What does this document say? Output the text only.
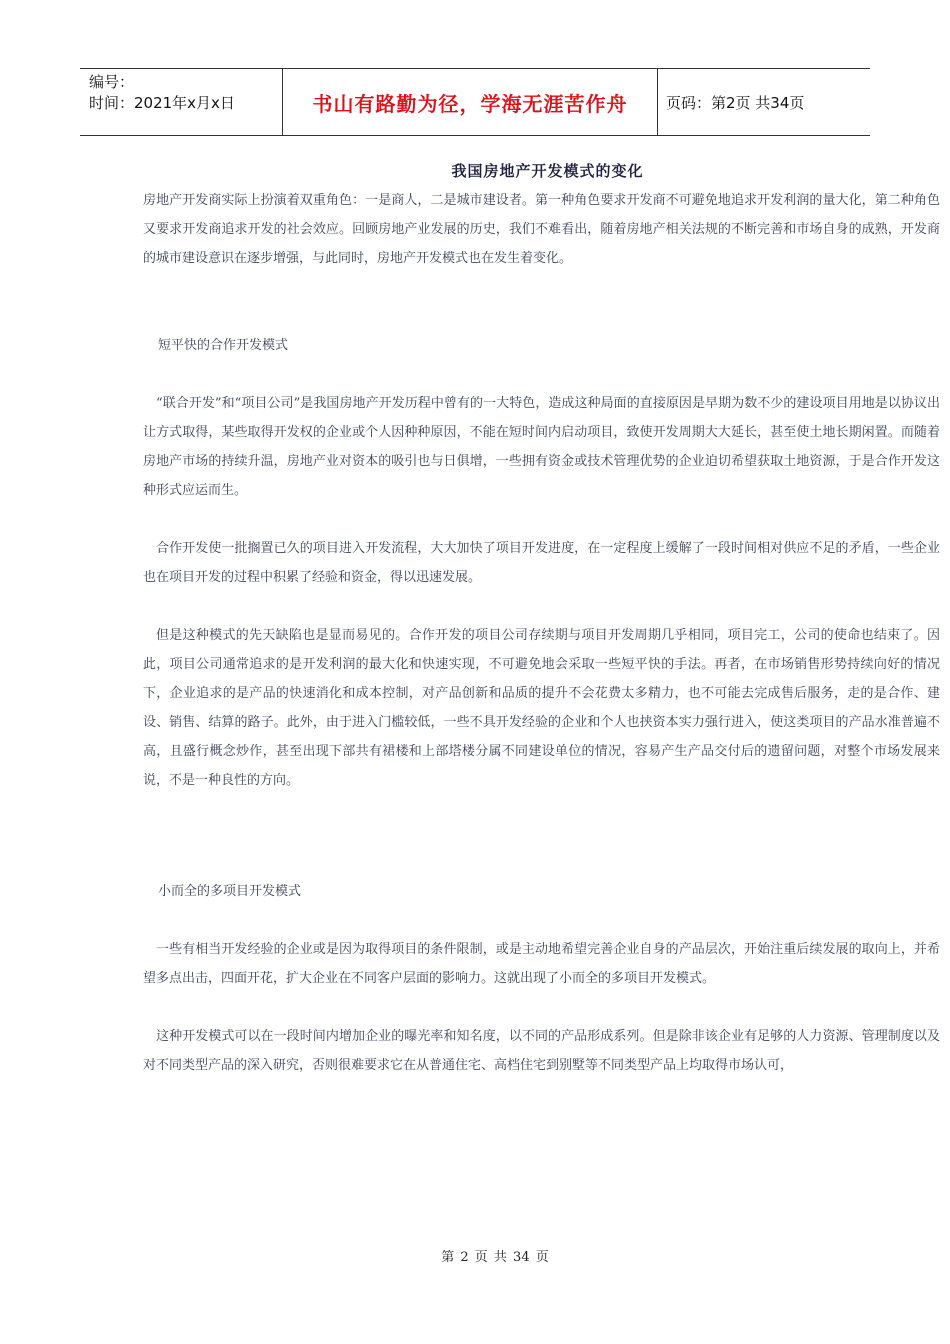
编号：
时间：2021年x月x日	书山有路勤为径，学海无涯苦作舟	页码：第2页 共34页
我国房地产开发模式的变化

房地产开发商实际上扮演着双重角色：一是商人，二是城市建设者。第一种角色要求开发商不可避免地追求开发利润的量大化，第二种角色又要求开发商追求开发的社会效应。回顾房地产业发展的历史，我们不难看出，随着房地产相关法规的不断完善和市场自身的成熟，开发商的城市建设意识在逐步增强，与此同时，房地产开发模式也在发生着变化。

短平快的合作开发模式

“联合开发”和“项目公司”是我国房地产开发历程中曾有的一大特色，造成这种局面的直接原因是早期为数不少的建设项目用地是以协议出让方式取得，某些取得开发权的企业或个人因种种原因，不能在短时间内启动项目，致使开发周期大大延长，甚至使土地长期闲置。而随着房地产市场的持续升温，房地产业对资本的吸引也与日俱增，一些拥有资金或技术管理优势的企业迫切希望获取土地资源，于是合作开发这种形式应运而生。

合作开发使一批搁置已久的项目进入开发流程，大大加快了项目开发进度，在一定程度上缓解了一段时间相对供应不足的矛盾，一些企业也在项目开发的过程中积累了经验和资金，得以迅速发展。

但是这种模式的先天缺陷也是显而易见的。合作开发的项目公司存续期与项目开发周期几乎相同，项目完工，公司的使命也结束了。因此，项目公司通常追求的是开发利润的最大化和快速实现，不可避免地会采取一些短平快的手法。再者，在市场销售形势持续向好的情况下，企业追求的是产品的快速消化和成本控制，对产品创新和品质的提升不会花费太多精力，也不可能去完成售后服务，走的是合作、建设、销售、结算的路子。此外，由于进入门槛较低，一些不具开发经验的企业和个人也挟资本实力强行进入，使这类项目的产品水准普遍不高，且盛行概念炒作，甚至出现下部共有裙楼和上部塔楼分属不同建设单位的情况，容易产生产品交付后的遗留问题，对整个市场发展来说，不是一种良性的方向。

小而全的多项目开发模式

一些有相当开发经验的企业或是因为取得项目的条件限制，或是主动地希望完善企业自身的产品层次，开始注重后续发展的取向上，并希望多点出击，四面开花，扩大企业在不同客户层面的影响力。这就出现了小而全的多项目开发模式。

这种开发模式可以在一段时间内增加企业的曝光率和知名度，以不同的产品形成系列。但是除非该企业有足够的人力资源、管理制度以及对不同类型产品的深入研究，否则很难要求它在从普通住宅、高档住宅到别墅等不同类型产品上均取得市场认可，

第 2 页 共 34 页
